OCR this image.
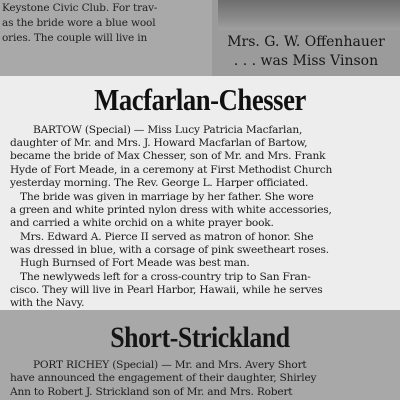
Keystone Civic Club. For trav-
as the bride wore a blue wool
ories. The couple will live in	Mrs. G. W. Offenhauer
. . . was Miss Vinson
Macfarlan-Chesser
BARTOW (Special) — Miss Lucy Patricia Macfarlan,
daughter of Mr. and Mrs. J. Howard Macfarlan of Bartow,
became the bride of Max Chesser, son of Mr. and Mrs. Frank
Hyde of Fort Meade, in a ceremony at First Methodist Church
yesterday morning. The Rev. George L. Harper officiated.
The bride was given in marriage by her father. She wore
a green and white printed nylon dress with white accessories,
and carried a white orchid on a white prayer book.
Mrs. Edward A. Pierce II served as matron of honor. She
was dressed in blue, with a corsage of pink sweetheart roses.
Hugh Burnsed of Fort Meade was best man.
The newlyweds left for a cross-country trip to San Fran-
cisco. They will live in Pearl Harbor, Hawaii, while he serves
with the Navy.
Short-Strickland
PORT RICHEY (Special) — Mr. and Mrs. Avery Short
have announced the engagement of their daughter, Shirley
Ann to Robert J. Strickland son of Mr. and Mrs. Robert
